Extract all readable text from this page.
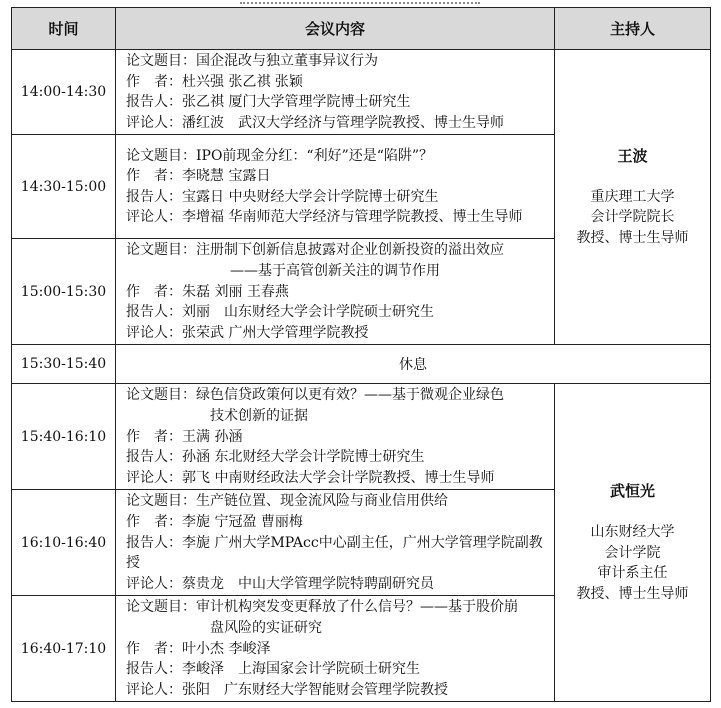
时间	会议内容	主持人
14:00-14:30	论文题目：国企混改与独立董事异议行为
作　者：杜兴强 张乙祺 张颖
报告人：张乙祺 厦门大学管理学院博士研究生
评论人：潘红波　武汉大学经济与管理学院教授、博士生导师	王波
重庆理工大学
会计学院院长
教授、博士生导师

14:30-15:00	论文题目：IPO前现金分红：“利好”还是“陷阱”？
作　者：李晓慧 宝露日
报告人：宝露日 中央财经大学会计学院博士研究生
评论人：李增福 华南师范大学经济与管理学院教授、博士生导师	

15:00-15:30	论文题目：注册制下创新信息披露对企业创新投资的溢出效应
——基于高管创新关注的调节作用
作　者：朱磊 刘丽 王春燕
报告人：刘丽　山东财经大学会计学院硕士研究生
评论人：张荣武 广州大学管理学院教授	

15:30-15:40	休息	
15:40-16:10	论文题目：绿色信贷政策何以更有效？——基于微观企业绿色
技术创新的证据
作　者：王满 孙涵
报告人：孙涵 东北财经大学会计学院博士研究生
评论人：郭飞 中南财经政法大学会计学院教授、博士生导师	武恒光
山东财经大学
会计学院
审计系主任
教授、博士生导师

16:10-16:40	论文题目：生产链位置、现金流风险与商业信用供给
作　者：李旎 宁冠盈 曹丽梅
报告人：李旎 广州大学MPAcc中心副主任，广州大学管理学院副教授
评论人：蔡贵龙　中山大学管理学院特聘副研究员	

16:40-17:10	论文题目：审计机构突发变更释放了什么信号？——基于股价崩
盘风险的实证研究
作　者：叶小杰 李峻泽
报告人：李峻泽　上海国家会计学院硕士研究生
评论人：张阳　广东财经大学智能财会管理学院教授	
